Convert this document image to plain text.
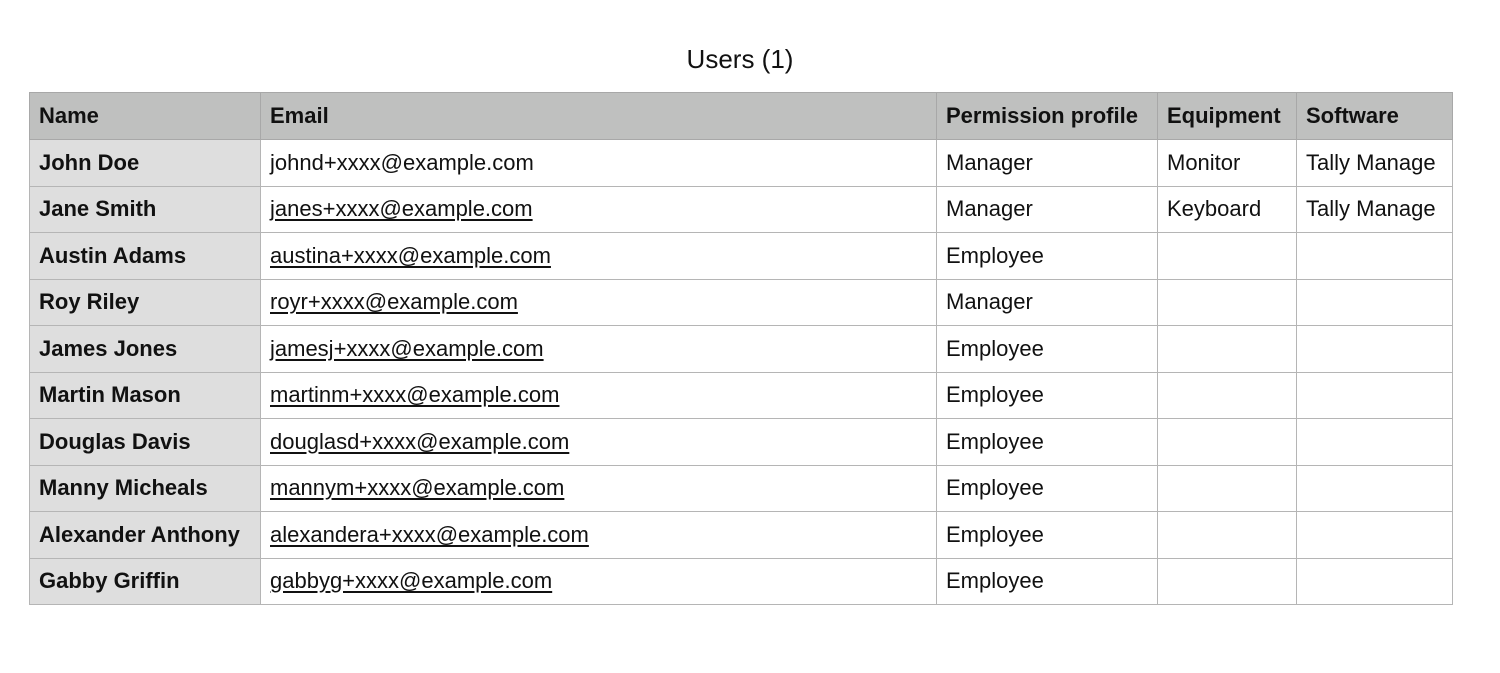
Users (1)
Name	Email	Permission profile	Equipment	Software
John Doe	johnd+xxxx@example.com	Manager	Monitor	Tally Manage
Jane Smith	janes+xxxx@example.com	Manager	Keyboard	Tally Manage
Austin Adams	austina+xxxx@example.com	Employee		
Roy Riley	royr+xxxx@example.com	Manager		
James Jones	jamesj+xxxx@example.com	Employee		
Martin Mason	martinm+xxxx@example.com	Employee		
Douglas Davis	douglasd+xxxx@example.com	Employee		
Manny Micheals	mannym+xxxx@example.com	Employee		
Alexander Anthony	alexandera+xxxx@example.com	Employee		
Gabby Griffin	gabbyg+xxxx@example.com	Employee		
